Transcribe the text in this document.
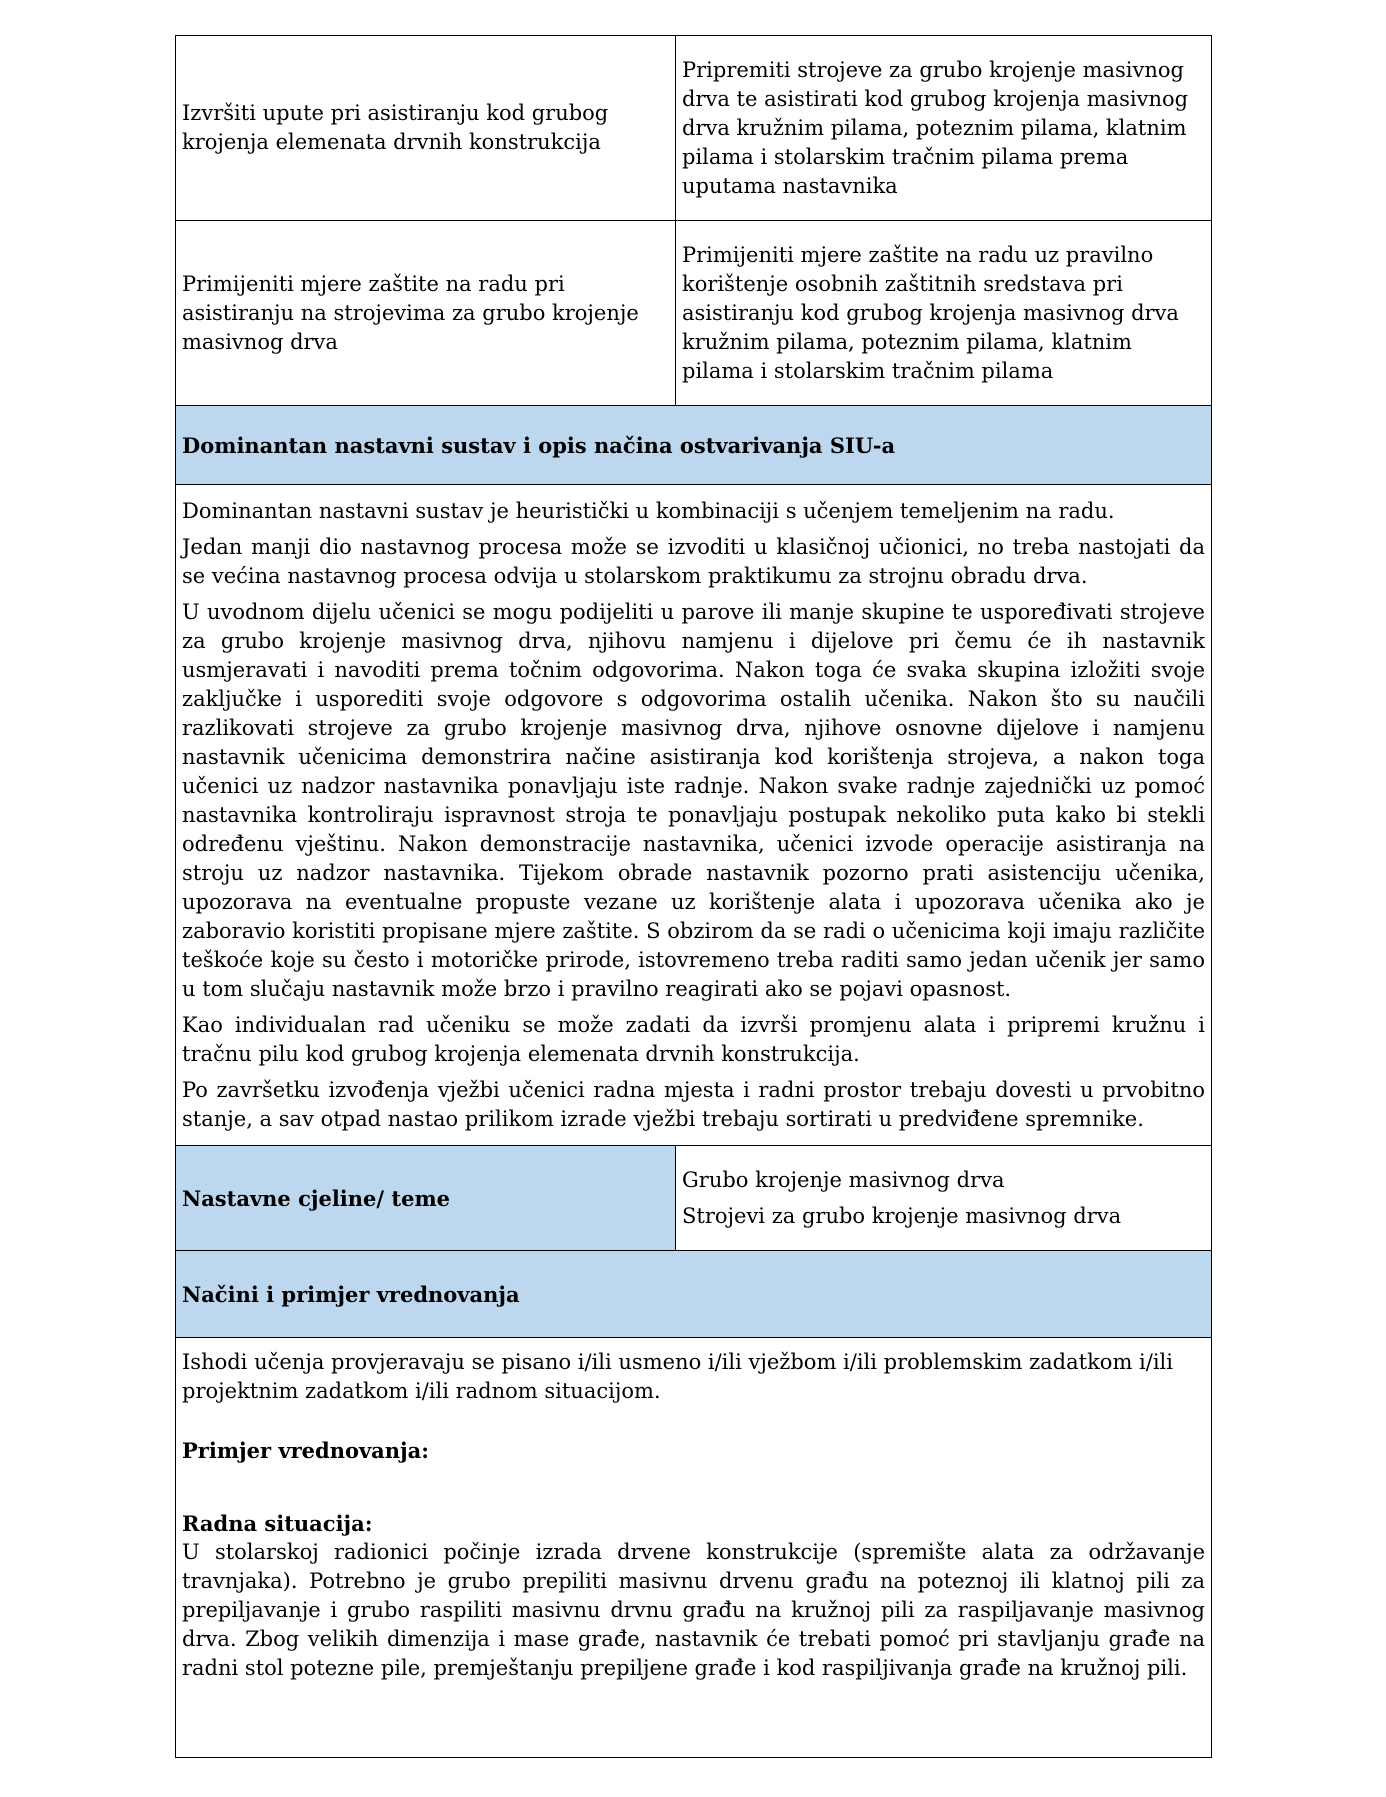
Izvršiti upute pri asistiranju kod grubog krojenja elemenata drvnih konstrukcija	Pripremiti strojeve za grubo krojenje masivnog drva te asistirati kod grubog krojenja masivnog drva kružnim pilama, poteznim pilama, klatnim pilama i stolarskim tračnim pilama prema uputama nastavnika
Primijeniti mjere zaštite na radu pri asistiranju na strojevima za grubo krojenje masivnog drva	Primijeniti mjere zaštite na radu uz pravilno korištenje osobnih zaštitnih sredstava pri asistiranju kod grubog krojenja masivnog drva kružnim pilama, poteznim pilama, klatnim pilama i stolarskim tračnim pilama
Dominantan nastavni sustav i opis načina ostvarivanja SIU-a	

Dominantan nastavni sustav je heuristički u kombinaciji s učenjem temeljenim na radu.

Jedan manji dio nastavnog procesa može se izvoditi u klasičnoj učionici, no treba nastojati da se većina nastavnog procesa odvija u stolarskom praktikumu za strojnu obradu drva.

U uvodnom dijelu učenici se mogu podijeliti u parove ili manje skupine te uspoređivati strojeve za grubo krojenje masivnog drva, njihovu namjenu i dijelove pri čemu će ih nastavnik usmjeravati i navoditi prema točnim odgovorima. Nakon toga će svaka skupina izložiti svoje zaključke i usporediti svoje odgovore s odgovorima ostalih učenika. Nakon što su naučili razlikovati strojeve za grubo krojenje masivnog drva, njihove osnovne dijelove i namjenu nastavnik učenicima demonstrira načine asistiranja kod korištenja strojeva, a nakon toga učenici uz nadzor nastavnika ponavljaju iste radnje. Nakon svake radnje zajednički uz pomoć nastavnika kontroliraju ispravnost stroja te ponavljaju postupak nekoliko puta kako bi stekli određenu vještinu. Nakon demonstracije nastavnika, učenici izvode operacije asistiranja na stroju uz nadzor nastavnika. Tijekom obrade nastavnik pozorno prati asistenciju učenika, upozorava na eventualne propuste vezane uz korištenje alata i upozorava učenika ako je zaboravio koristiti propisane mjere zaštite. S obzirom da se radi o učenicima koji imaju različite teškoće koje su često i motoričke prirode, istovremeno treba raditi samo jedan učenik jer samo u tom slučaju nastavnik može brzo i pravilno reagirati ako se pojavi opasnost.

Kao individualan rad učeniku se može zadati da izvrši promjenu alata i pripremi kružnu i tračnu pilu kod grubog krojenja elemenata drvnih konstrukcija.

Po završetku izvođenja vježbi učenici radna mjesta i radni prostor trebaju dovesti u prvobitno stanje, a sav otpad nastao prilikom izrade vježbi trebaju sortirati u predviđene spremnike.	

Nastavne cjeline/ teme	Grubo krojenje masivnog drva

Strojevi za grubo krojenje masivnog drva

Načini i primjer vrednovanja	

Ishodi učenja provjeravaju se pisano i/ili usmeno i/ili vježbom i/ili problemskim zadatkom i/ili projektnim zadatkom i/ili radnom situacijom.

Primjer vrednovanja:

Radna situacija:

U stolarskoj radionici počinje izrada drvene konstrukcije (spremište alata za održavanje travnjaka). Potrebno je grubo prepiliti masivnu drvenu građu na poteznoj ili klatnoj pili za prepiljavanje i grubo raspiliti masivnu drvnu građu na kružnoj pili za raspiljavanje masivnog drva. Zbog velikih dimenzija i mase građe, nastavnik će trebati pomoć pri stavljanju građe na radni stol potezne pile, premještanju prepiljene građe i kod raspiljivanja građe na kružnoj pili.	
